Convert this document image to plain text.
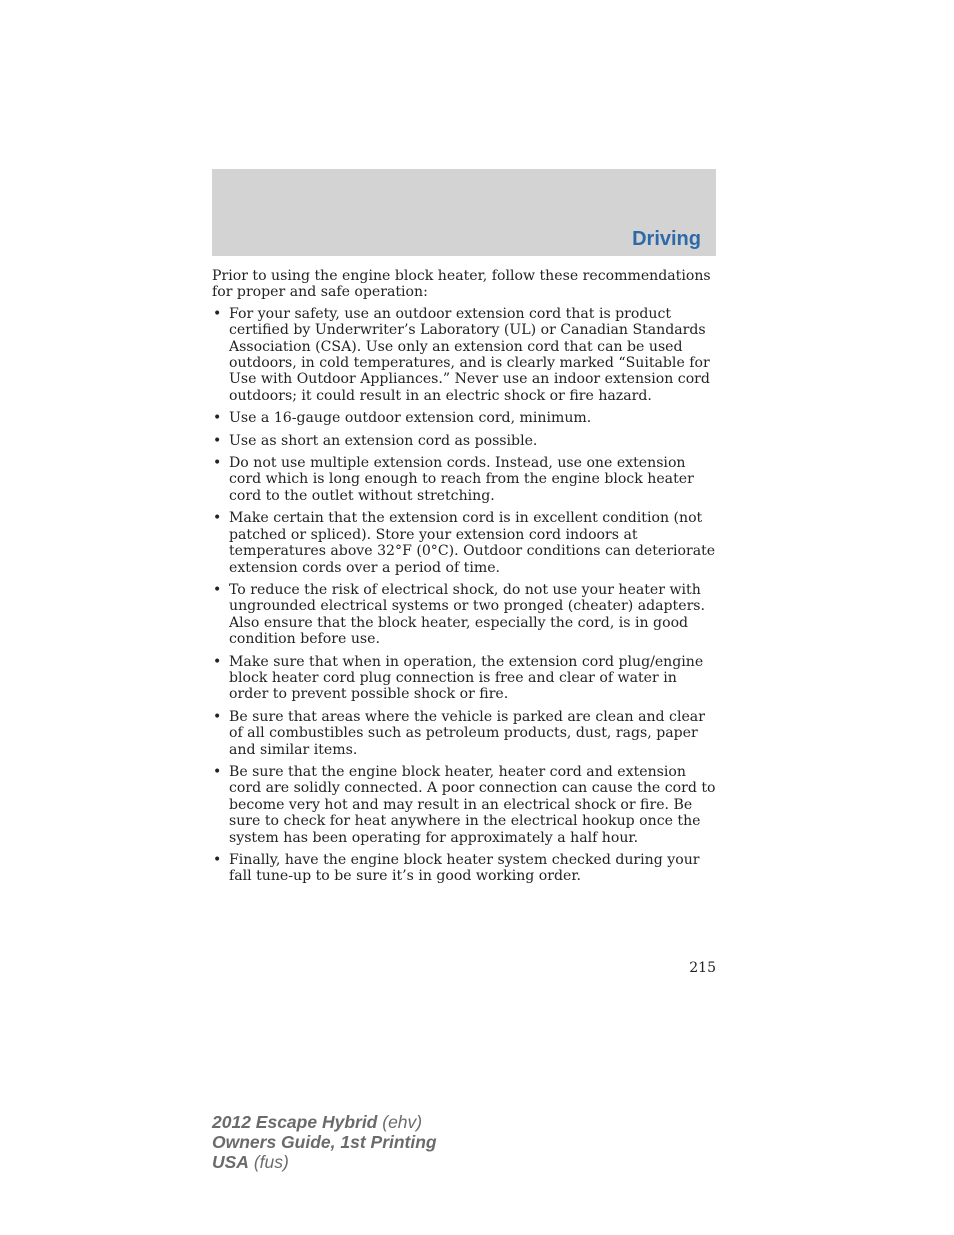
Driving

Prior to using the engine block heater, follow these recommendations for proper and safe operation:

• For your safety, use an outdoor extension cord that is product certified by Underwriter’s Laboratory (UL) or Canadian Standards Association (CSA). Use only an extension cord that can be used outdoors, in cold temperatures, and is clearly marked “Suitable for Use with Outdoor Appliances.” Never use an indoor extension cord outdoors; it could result in an electric shock or fire hazard.
• Use a 16-gauge outdoor extension cord, minimum.
• Use as short an extension cord as possible.
• Do not use multiple extension cords. Instead, use one extension cord which is long enough to reach from the engine block heater cord to the outlet without stretching.
• Make certain that the extension cord is in excellent condition (not patched or spliced). Store your extension cord indoors at temperatures above 32°F (0°C). Outdoor conditions can deteriorate extension cords over a period of time.
• To reduce the risk of electrical shock, do not use your heater with ungrounded electrical systems or two pronged (cheater) adapters. Also ensure that the block heater, especially the cord, is in good condition before use.
• Make sure that when in operation, the extension cord plug/engine block heater cord plug connection is free and clear of water in order to prevent possible shock or fire.
• Be sure that areas where the vehicle is parked are clean and clear of all combustibles such as petroleum products, dust, rags, paper and similar items.
• Be sure that the engine block heater, heater cord and extension cord are solidly connected. A poor connection can cause the cord to become very hot and may result in an electrical shock or fire. Be sure to check for heat anywhere in the electrical hookup once the system has been operating for approximately a half hour.
• Finally, have the engine block heater system checked during your fall tune-up to be sure it’s in good working order.
215
2012 Escape Hybrid (ehv)
Owners Guide, 1st Printing
USA (fus)
